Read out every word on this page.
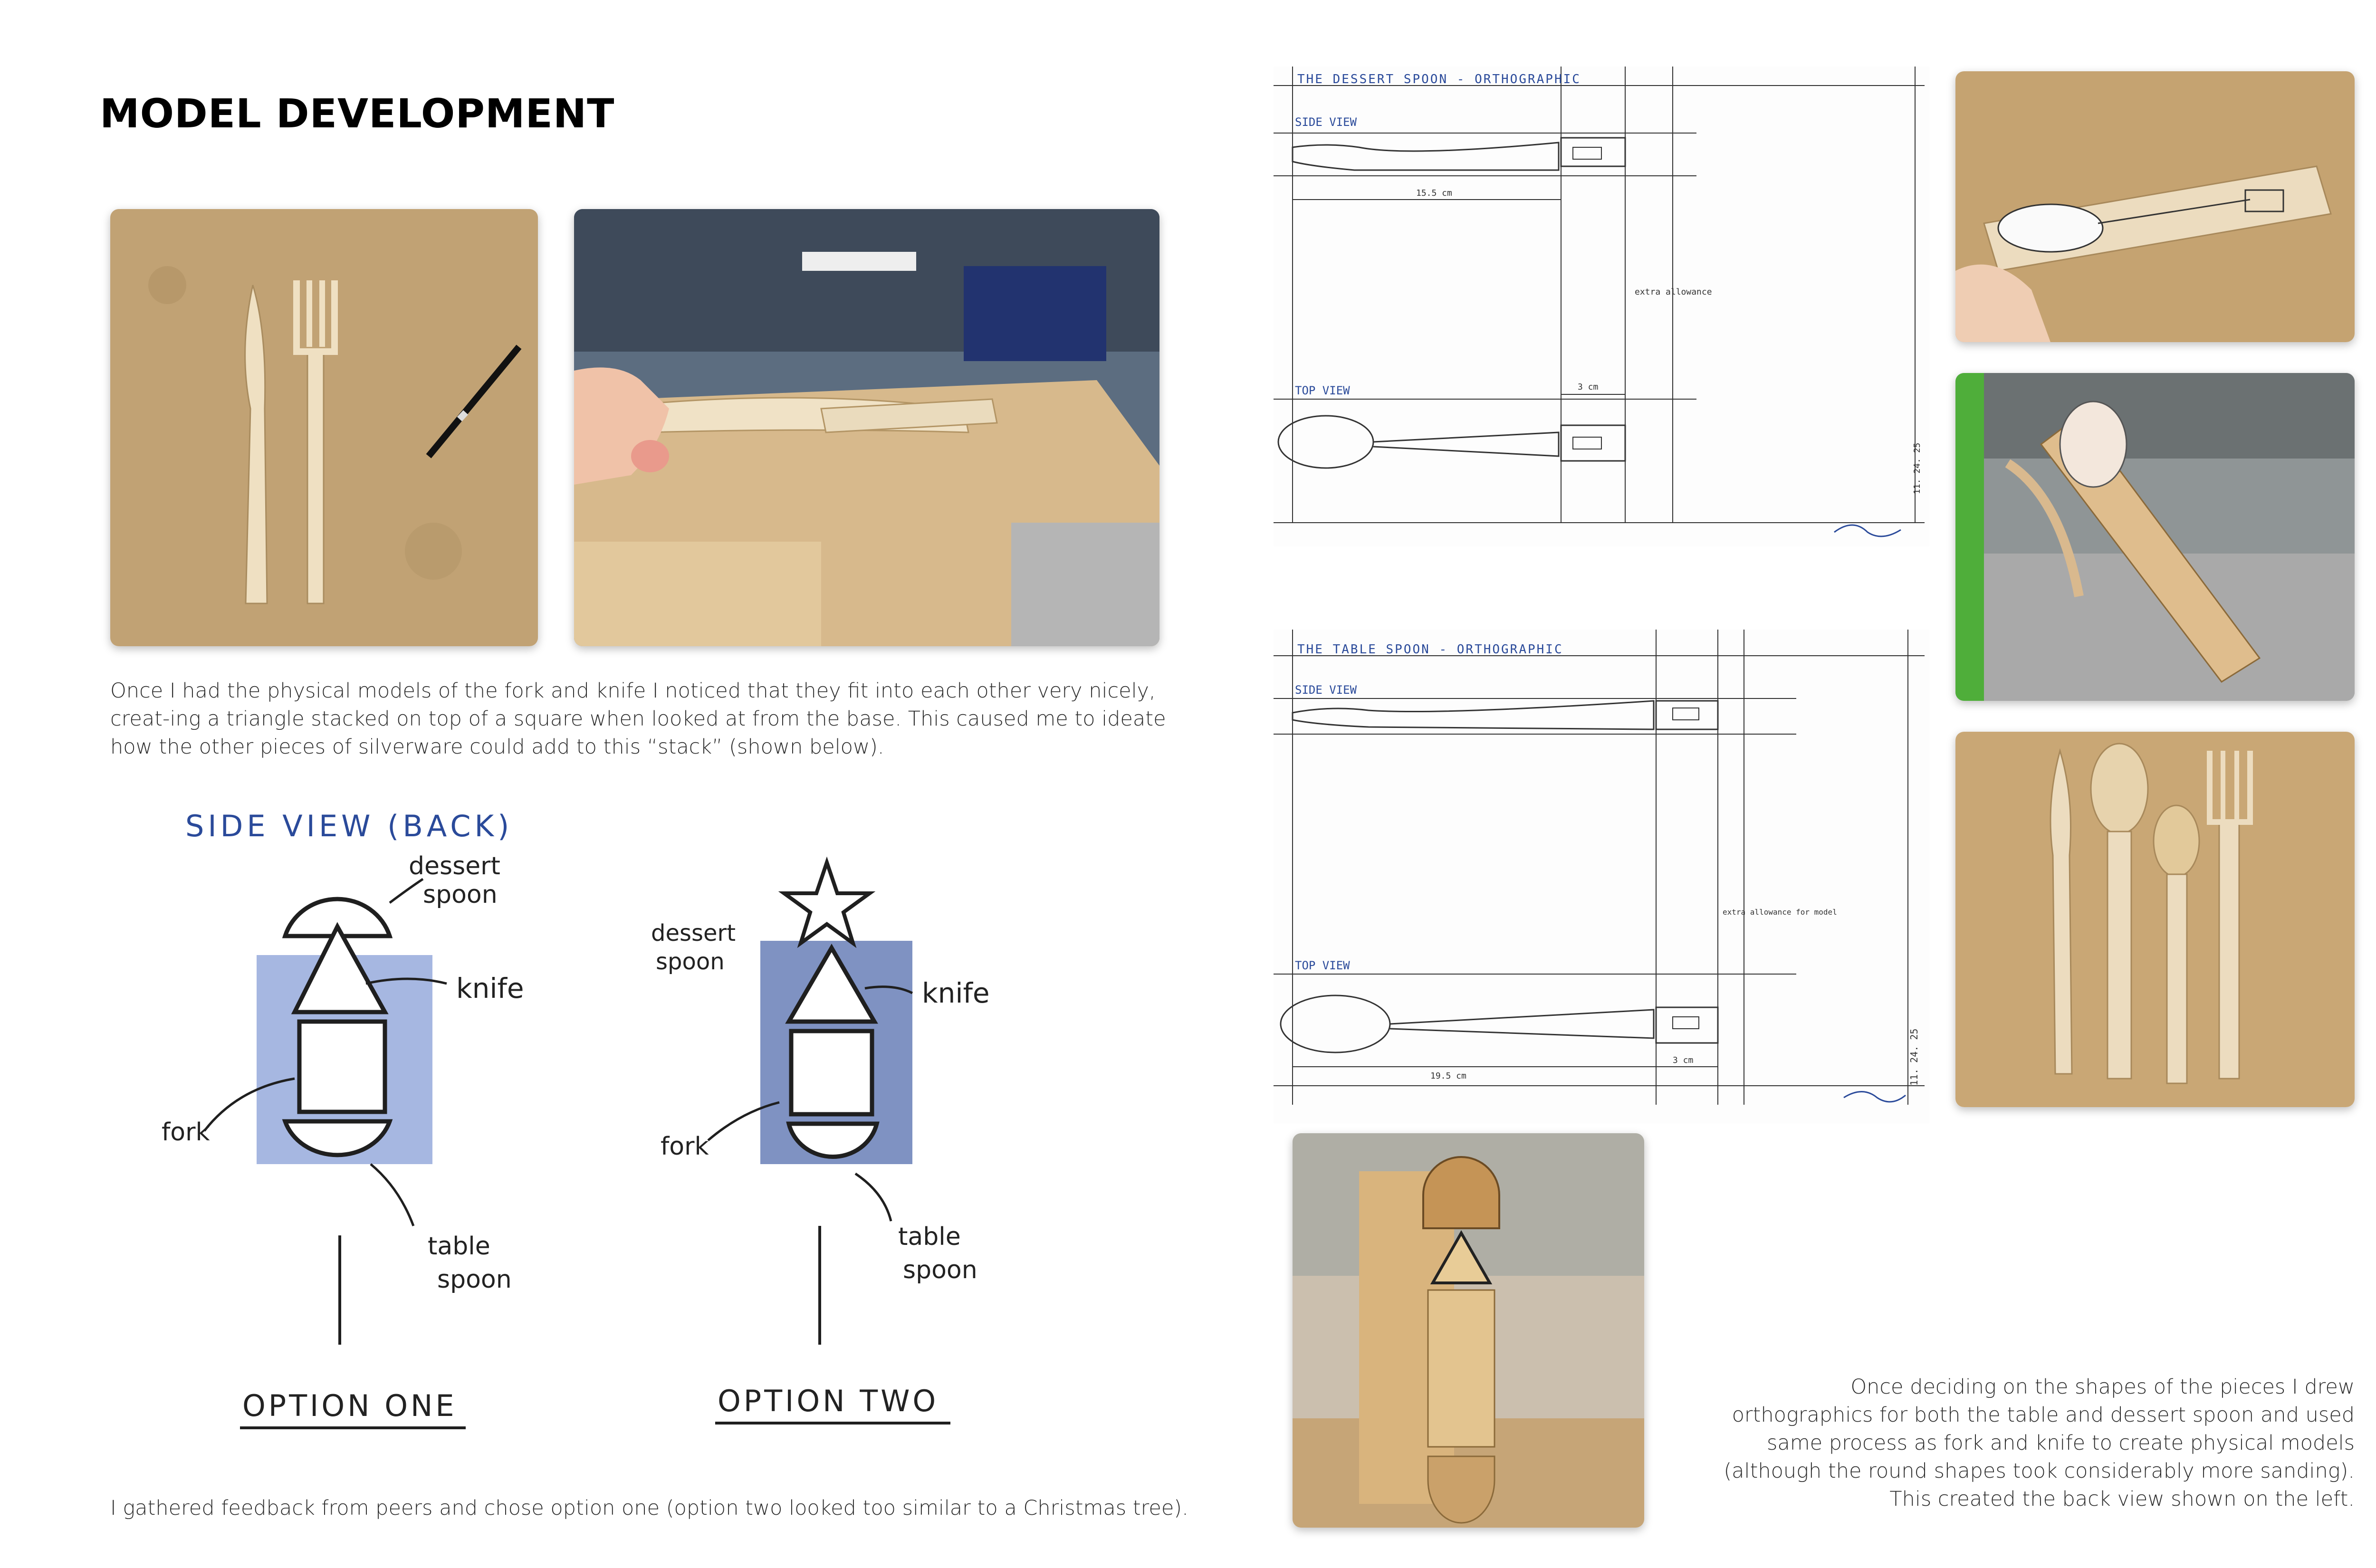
MODEL DEVELOPMENT
Once I had the physical models of the fork and knife I noticed that they fit into each other very nicely, creat-ing a triangle stacked on top of a square when looked at from the base. This caused me to ideate how the other pieces of silverware could add to this “stack” (shown below).
SIDE VIEW (BACK)
dessert
spoon
knife
fork
table
spoon
OPTION ONE
dessert
spoon
knife
fork
table
spoon
OPTION TWO
I gathered feedback from peers and chose option one (option two looked too similar to a Christmas tree).
THE DESSERT SPOON - ORTHOGRAPHIC
SIDE VIEW
TOP VIEW
15.5 cm
3 cm
extra allowance
11. 24. 25
THE TABLE SPOON - ORTHOGRAPHIC
SIDE VIEW
TOP VIEW
19.5 cm
3 cm
extra allowance for model
11. 24. 25
Once deciding on the shapes of the pieces I drew orthographics for both the table and dessert spoon and used same process as fork and knife to create physical models (although the round shapes took considerably more sanding). This created the back view shown on the left.
